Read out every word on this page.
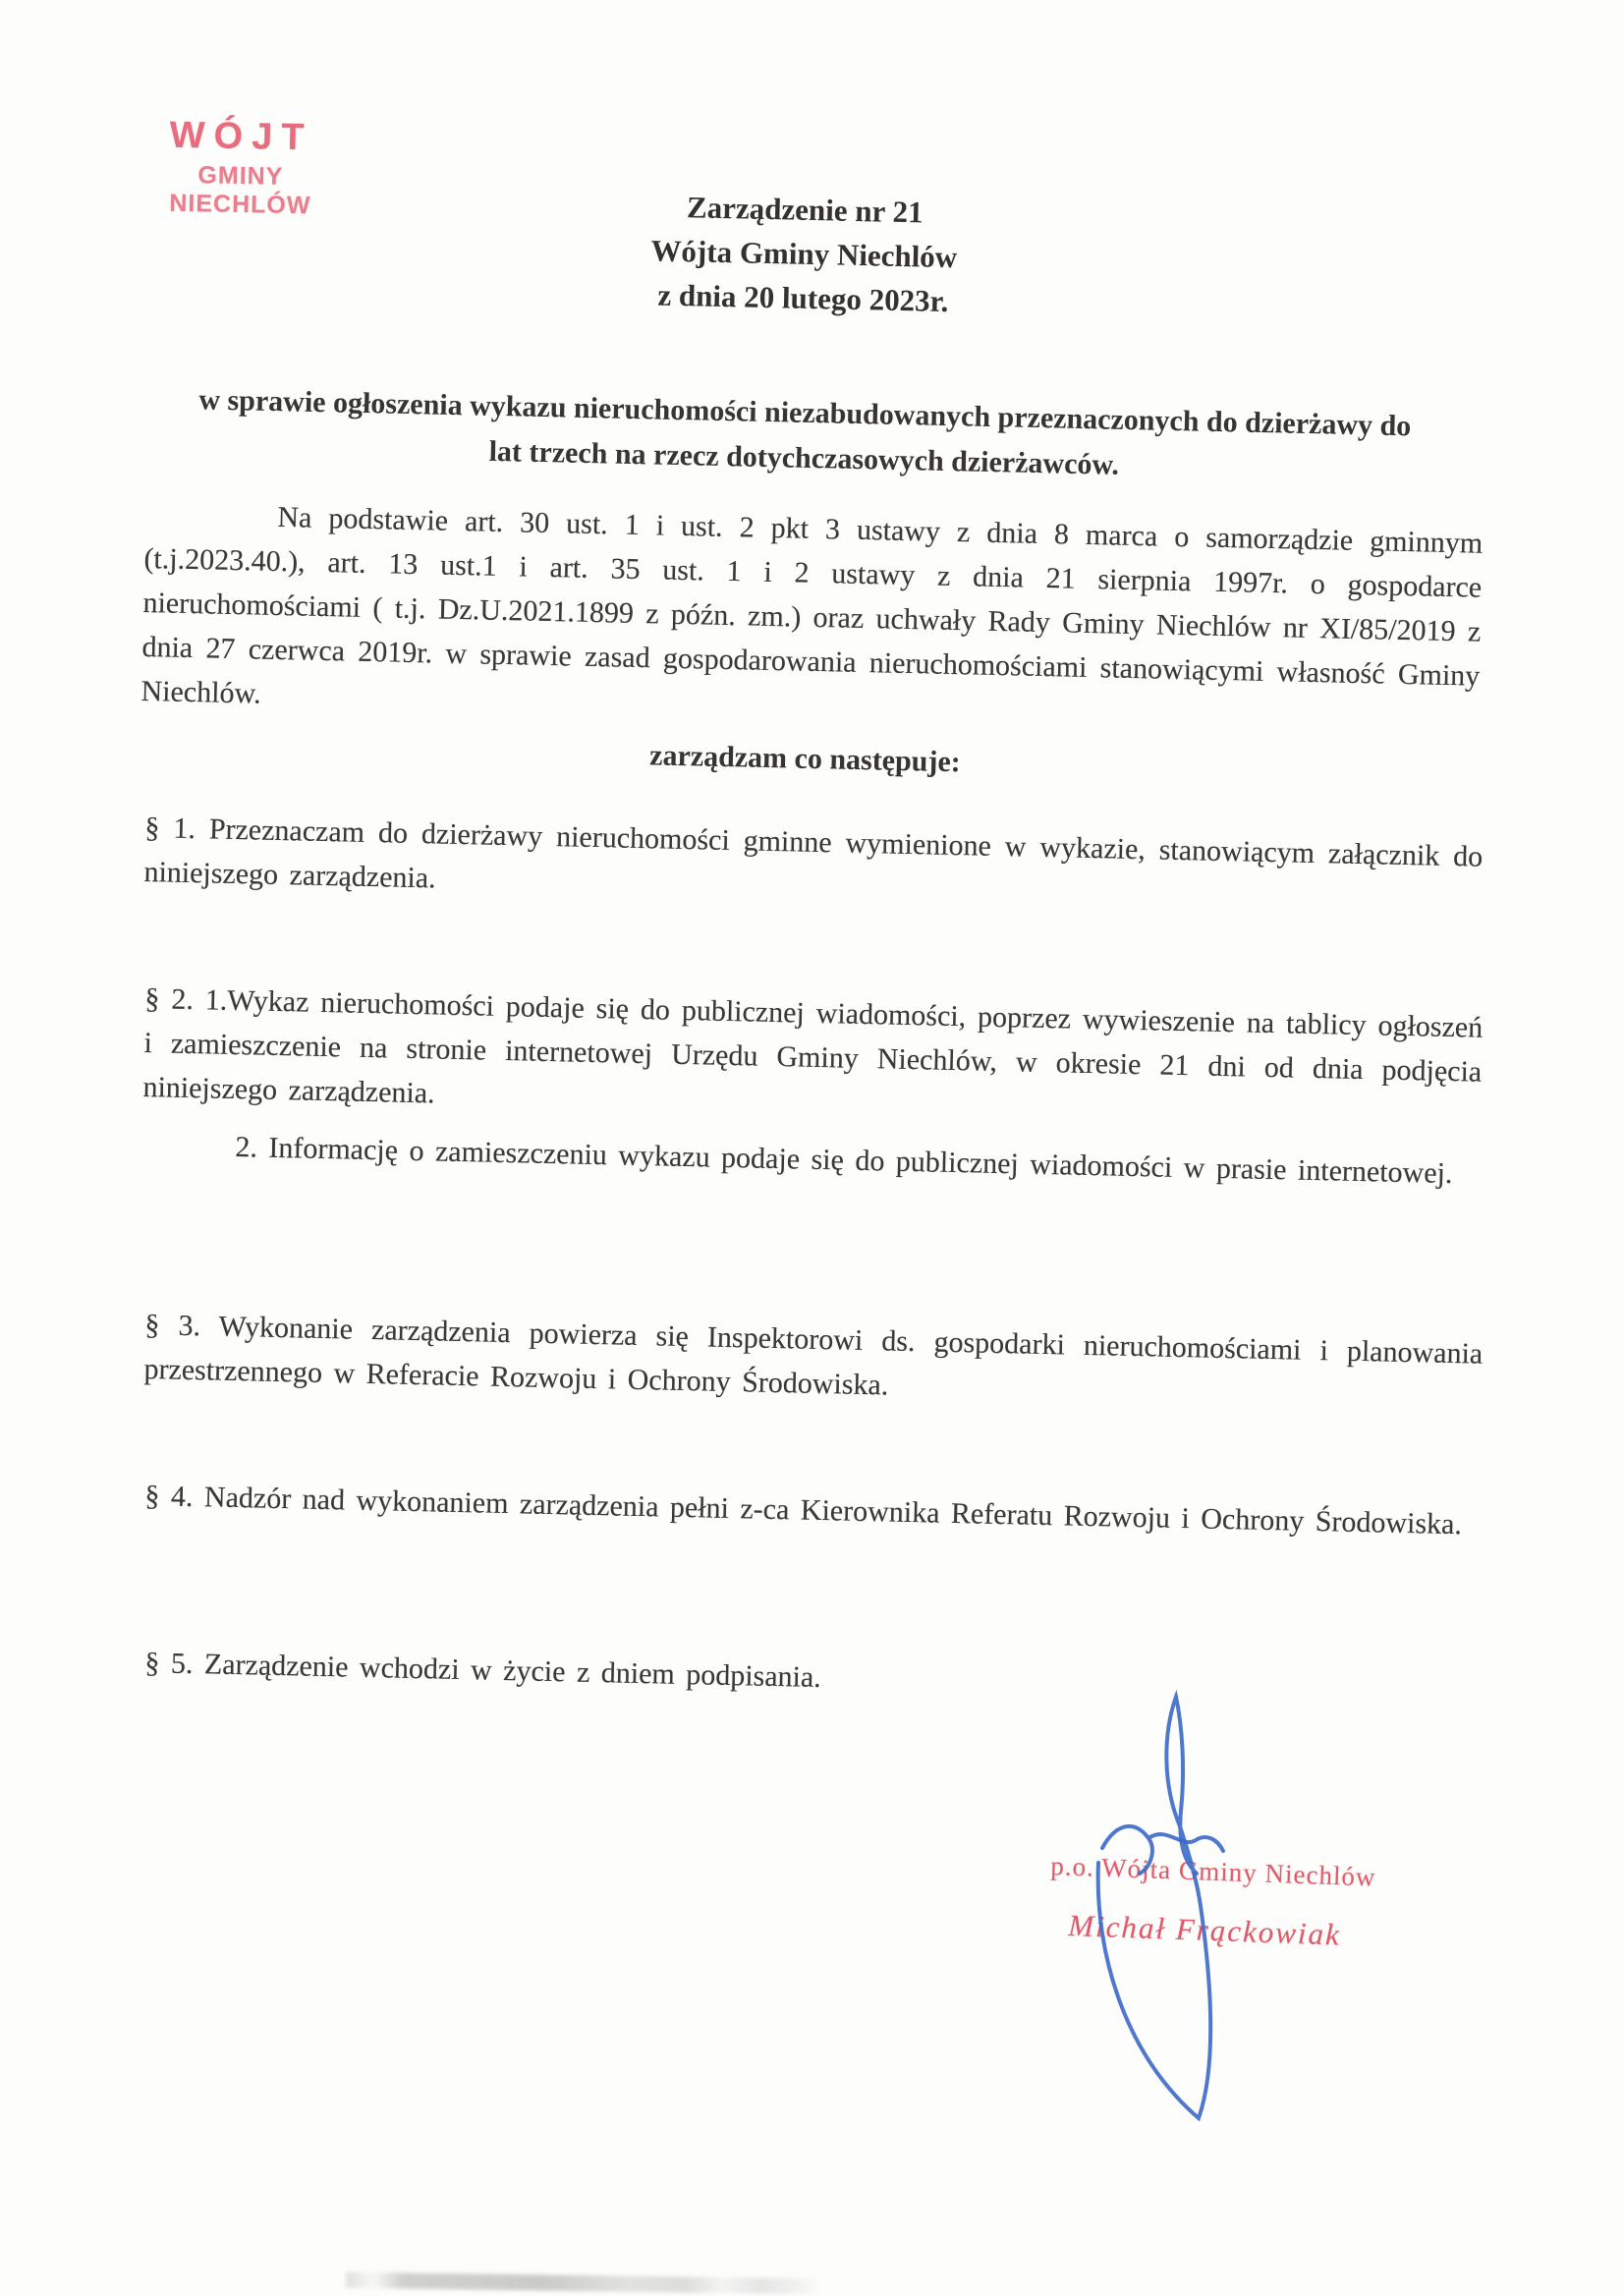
WÓJT
GMINY NIECHLÓW	Zarządzenie nr 21
Wójta Gminy Niechlów
z dnia 20 lutego 2023r.
w sprawie ogłoszenia wykazu nieruchomości niezabudowanych przeznaczonych do dzierżawy do
lat trzech na rzecz dotychczasowych dzierżawców.

Na podstawie art. 30 ust. 1 i ust. 2 pkt 3 ustawy z dnia 8 marca o samorządzie gminnym (t.j.2023.40.), art. 13 ust.1 i art. 35 ust. 1 i 2 ustawy z dnia 21 sierpnia 1997r. o gospodarce nieruchomościami ( t.j. Dz.U.2021.1899 z późn. zm.) oraz uchwały Rady Gminy Niechlów nr XI/85/2019 z dnia 27 czerwca 2019r. w sprawie zasad gospodarowania nieruchomościami stanowiącymi własność Gminy Niechlów.

zarządzam co następuje:

§ 1. Przeznaczam do dzierżawy nieruchomości gminne wymienione w wykazie, stanowiącym załącznik do niniejszego zarządzenia.

§ 2. 1.Wykaz nieruchomości podaje się do publicznej wiadomości, poprzez wywieszenie na tablicy ogłoszeń i zamieszczenie na stronie internetowej Urzędu Gminy Niechlów, w okresie 21 dni od dnia podjęcia niniejszego zarządzenia.

2. Informację o zamieszczeniu wykazu podaje się do publicznej wiadomości w prasie internetowej.

§ 3. Wykonanie zarządzenia powierza się Inspektorowi ds. gospodarki nieruchomościami i planowania przestrzennego w Referacie Rozwoju i Ochrony Środowiska.

§ 4. Nadzór nad wykonaniem zarządzenia pełni z-ca Kierownika Referatu Rozwoju i Ochrony Środowiska.

§ 5. Zarządzenie wchodzi w życie z dniem podpisania.

p.o. Wójta Gminy Niechlów
Michał Frąckowiak
